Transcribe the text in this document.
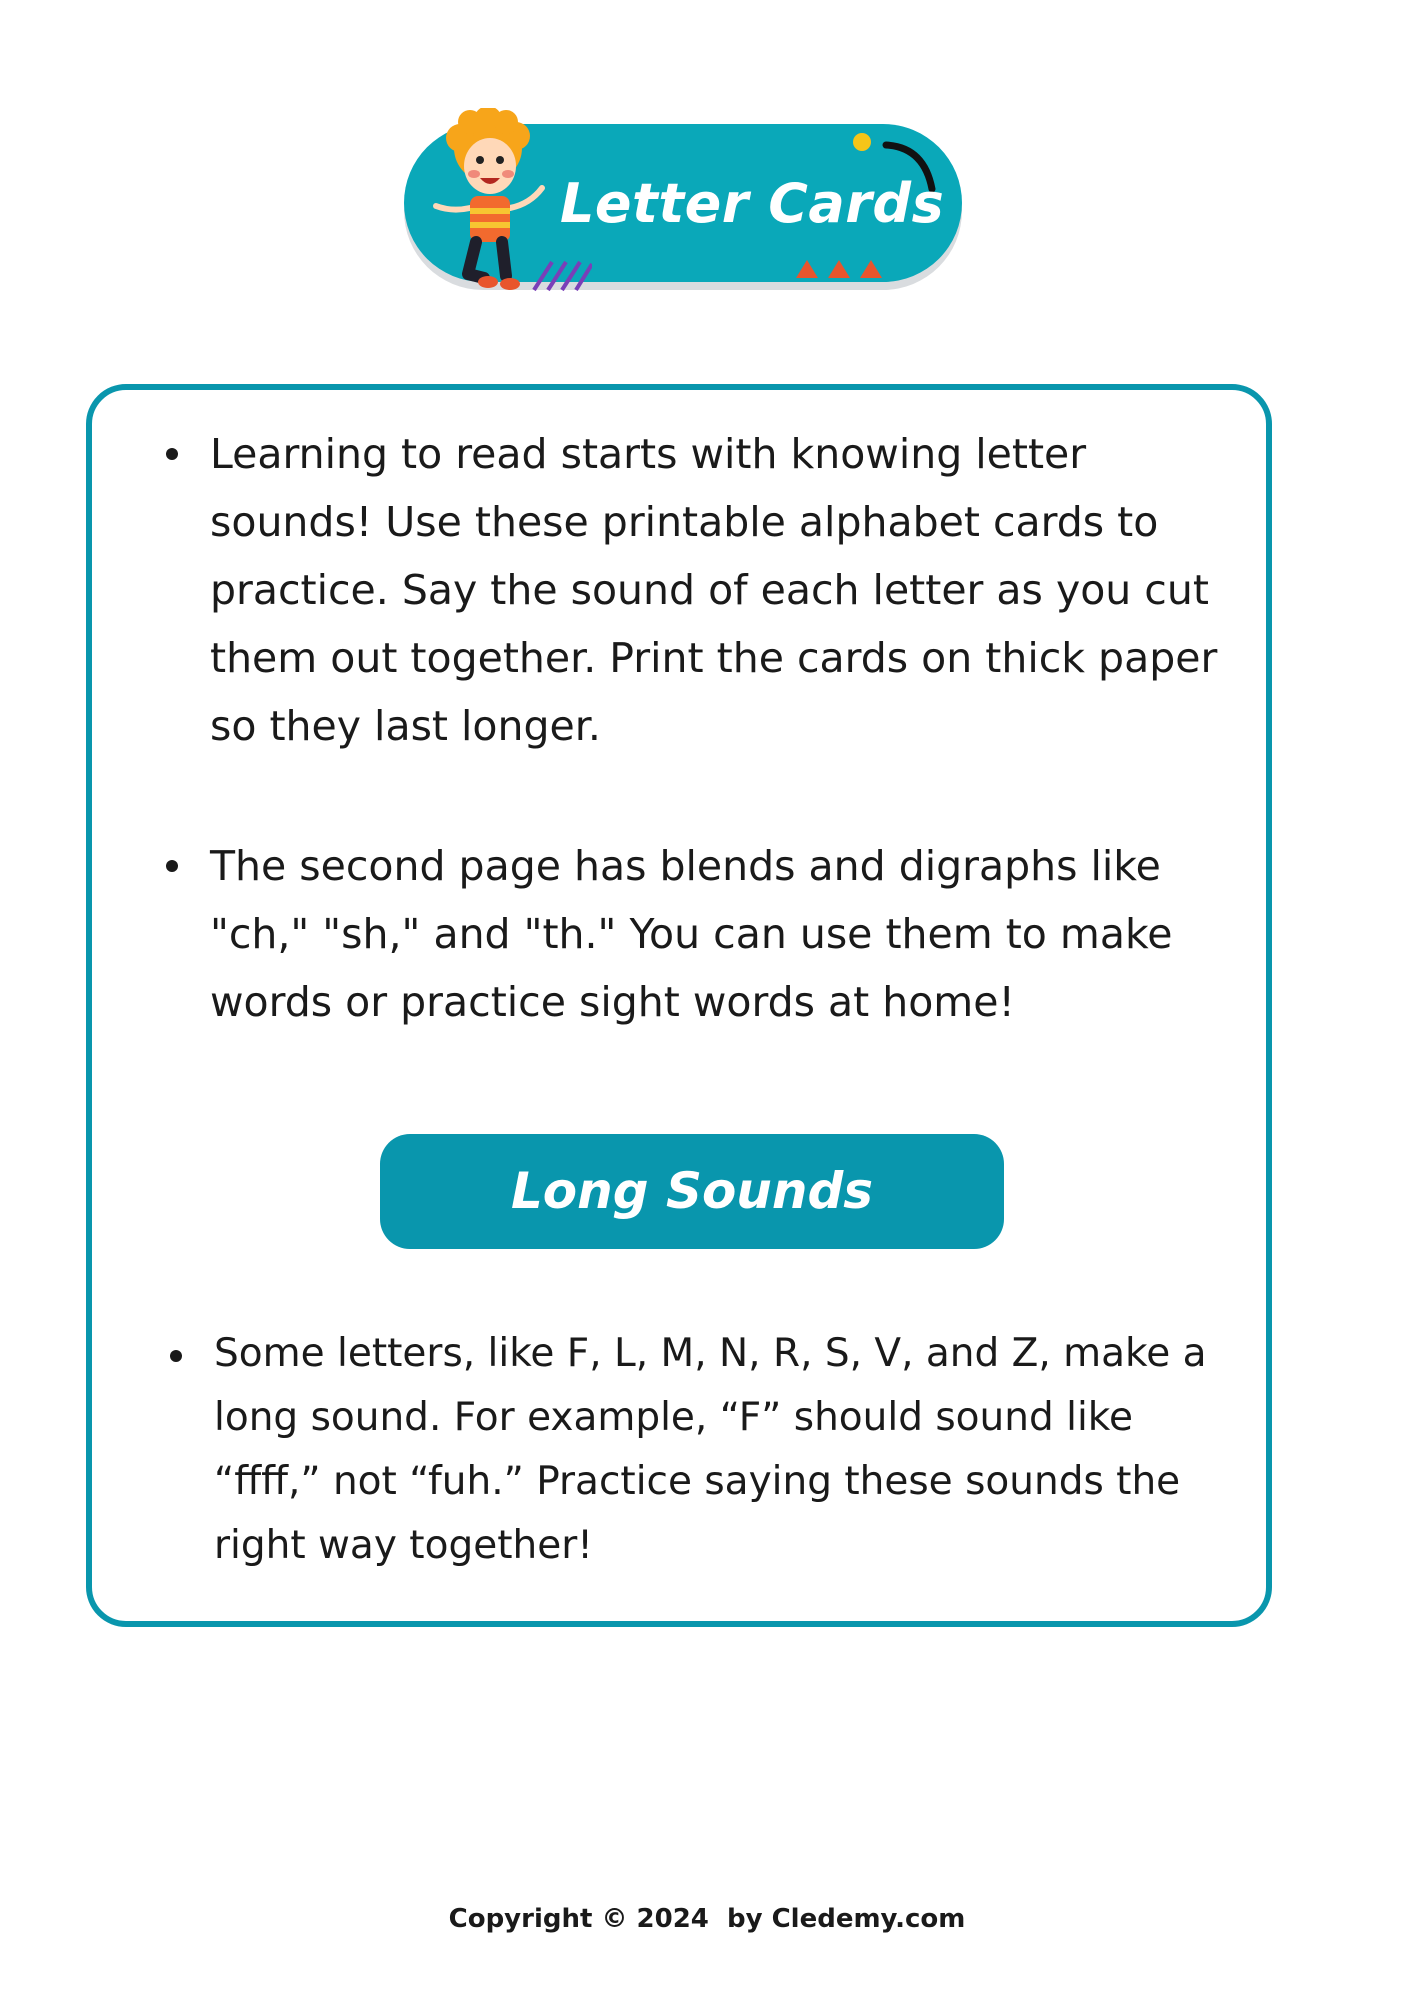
Letter Cards
Learning to read starts with knowing letter sounds! Use these printable alphabet cards to practice. Say the sound of each letter as you cut them out together. Print the cards on thick paper so they last longer.
The second page has blends and digraphs like "ch," "sh," and "th." You can use them to make words or practice sight words at home!
Long Sounds
Some letters, like F, L, M, N, R, S, V, and Z, make a long sound. For example, “F” should sound like “ffff,” not “fuh.” Practice saying these sounds the right way together!
Copyright © 2024  by Cledemy.com
